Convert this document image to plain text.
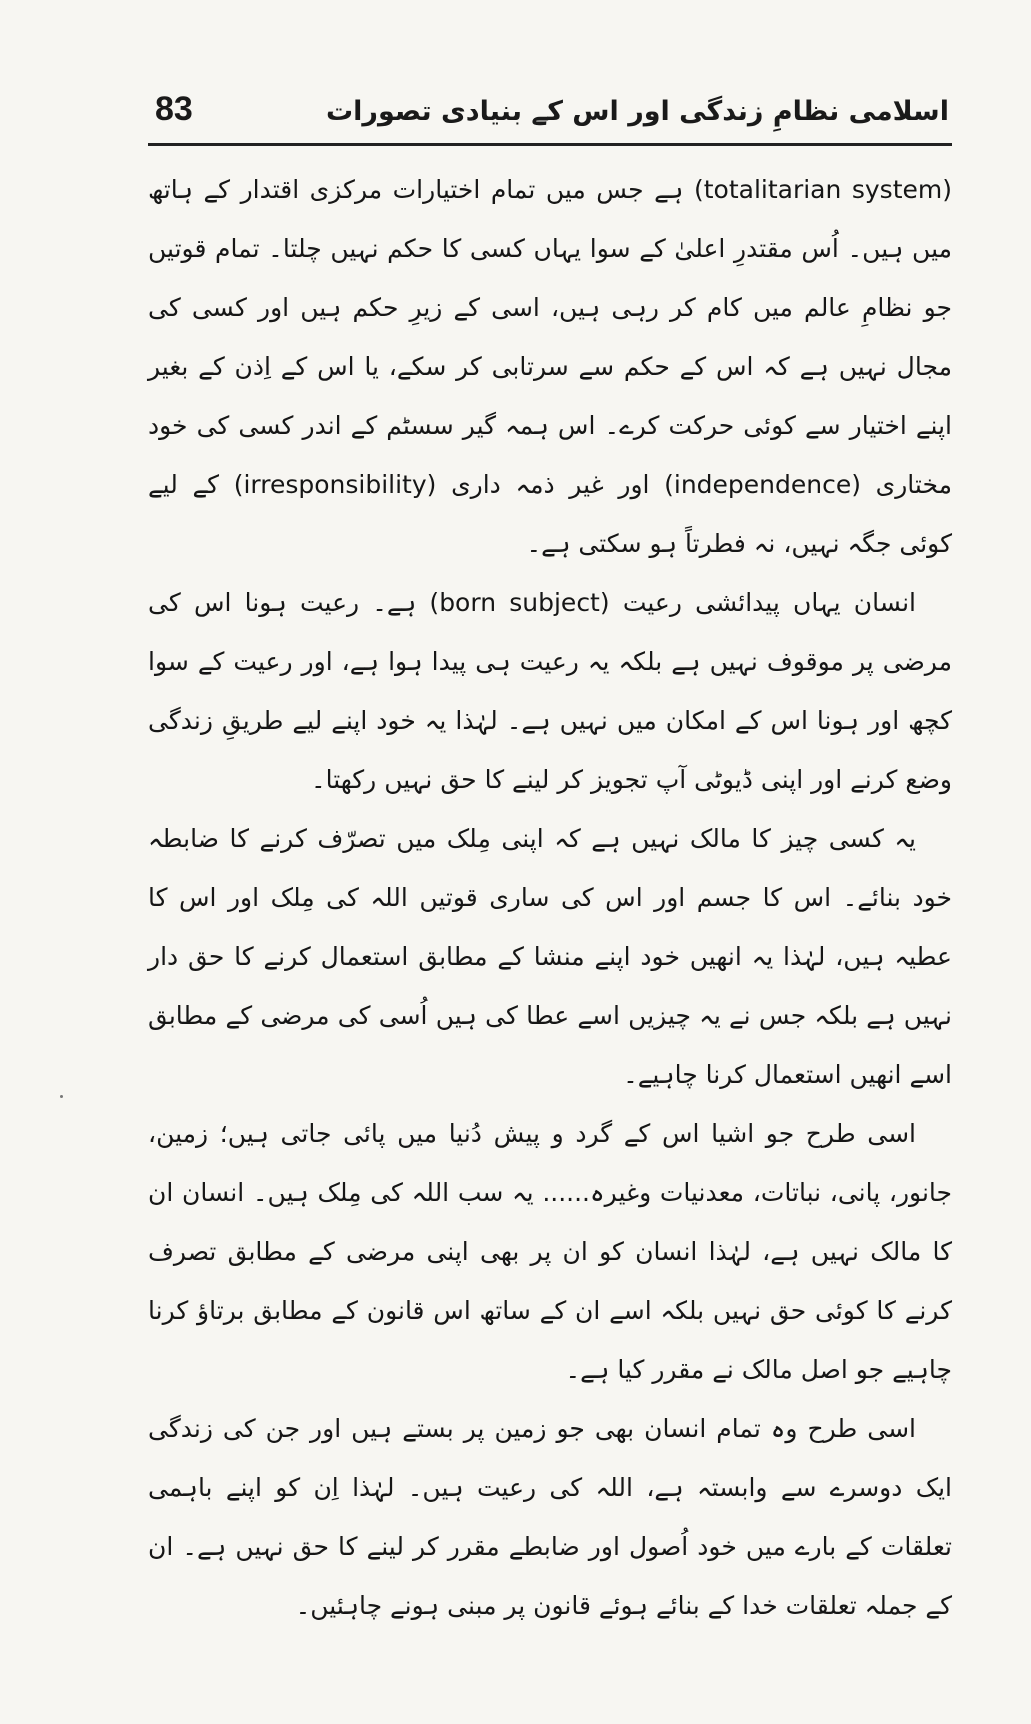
83	اسلامی نظامِ زندگی اور اس کے بنیادی تصورات

(totalitarian system) ہے جس میں تمام اختیارات مرکزی اقتدار کے ہاتھ میں ہیں۔ اُس مقتدرِ اعلیٰ کے سوا یہاں کسی کا حکم نہیں چلتا۔ تمام قوتیں جو نظامِ عالم میں کام کر رہی ہیں، اسی کے زیرِ حکم ہیں اور کسی کی مجال نہیں ہے کہ اس کے حکم سے سرتابی کر سکے، یا اس کے اِذن کے بغیر اپنے اختیار سے کوئی حرکت کرے۔ اس ہمہ گیر سسٹم کے اندر کسی کی خود مختاری (independence) اور غیر ذمہ داری (irresponsibility) کے لیے کوئی جگہ نہیں، نہ فطرتاً ہو سکتی ہے۔

انسان یہاں پیدائشی رعیت (born subject) ہے۔ رعیت ہونا اس کی مرضی پر موقوف نہیں ہے بلکہ یہ رعیت ہی پیدا ہوا ہے، اور رعیت کے سوا کچھ اور ہونا اس کے امکان میں نہیں ہے۔ لہٰذا یہ خود اپنے لیے طریقِ زندگی وضع کرنے اور اپنی ڈیوٹی آپ تجویز کر لینے کا حق نہیں رکھتا۔

یہ کسی چیز کا مالک نہیں ہے کہ اپنی مِلک میں تصرّف کرنے کا ضابطہ خود بنائے۔ اس کا جسم اور اس کی ساری قوتیں اللہ کی مِلک اور اس کا عطیہ ہیں، لہٰذا یہ انھیں خود اپنے منشا کے مطابق استعمال کرنے کا حق دار نہیں ہے بلکہ جس نے یہ چیزیں اسے عطا کی ہیں اُسی کی مرضی کے مطابق اسے انھیں استعمال کرنا چاہیے۔

اسی طرح جو اشیا اس کے گرد و پیش دُنیا میں پائی جاتی ہیں؛ زمین، جانور، پانی، نباتات، معدنیات وغیرہ...... یہ سب اللہ کی مِلک ہیں۔ انسان ان کا مالک نہیں ہے، لہٰذا انسان کو ان پر بھی اپنی مرضی کے مطابق تصرف کرنے کا کوئی حق نہیں بلکہ اسے ان کے ساتھ اس قانون کے مطابق برتاؤ کرنا چاہیے جو اصل مالک نے مقرر کیا ہے۔

اسی طرح وہ تمام انسان بھی جو زمین پر بستے ہیں اور جن کی زندگی ایک دوسرے سے وابستہ ہے، اللہ کی رعیت ہیں۔ لہٰذا اِن کو اپنے باہمی تعلقات کے بارے میں خود اُصول اور ضابطے مقرر کر لینے کا حق نہیں ہے۔ ان کے جملہ تعلقات خدا کے بنائے ہوئے قانون پر مبنی ہونے چاہئیں۔
